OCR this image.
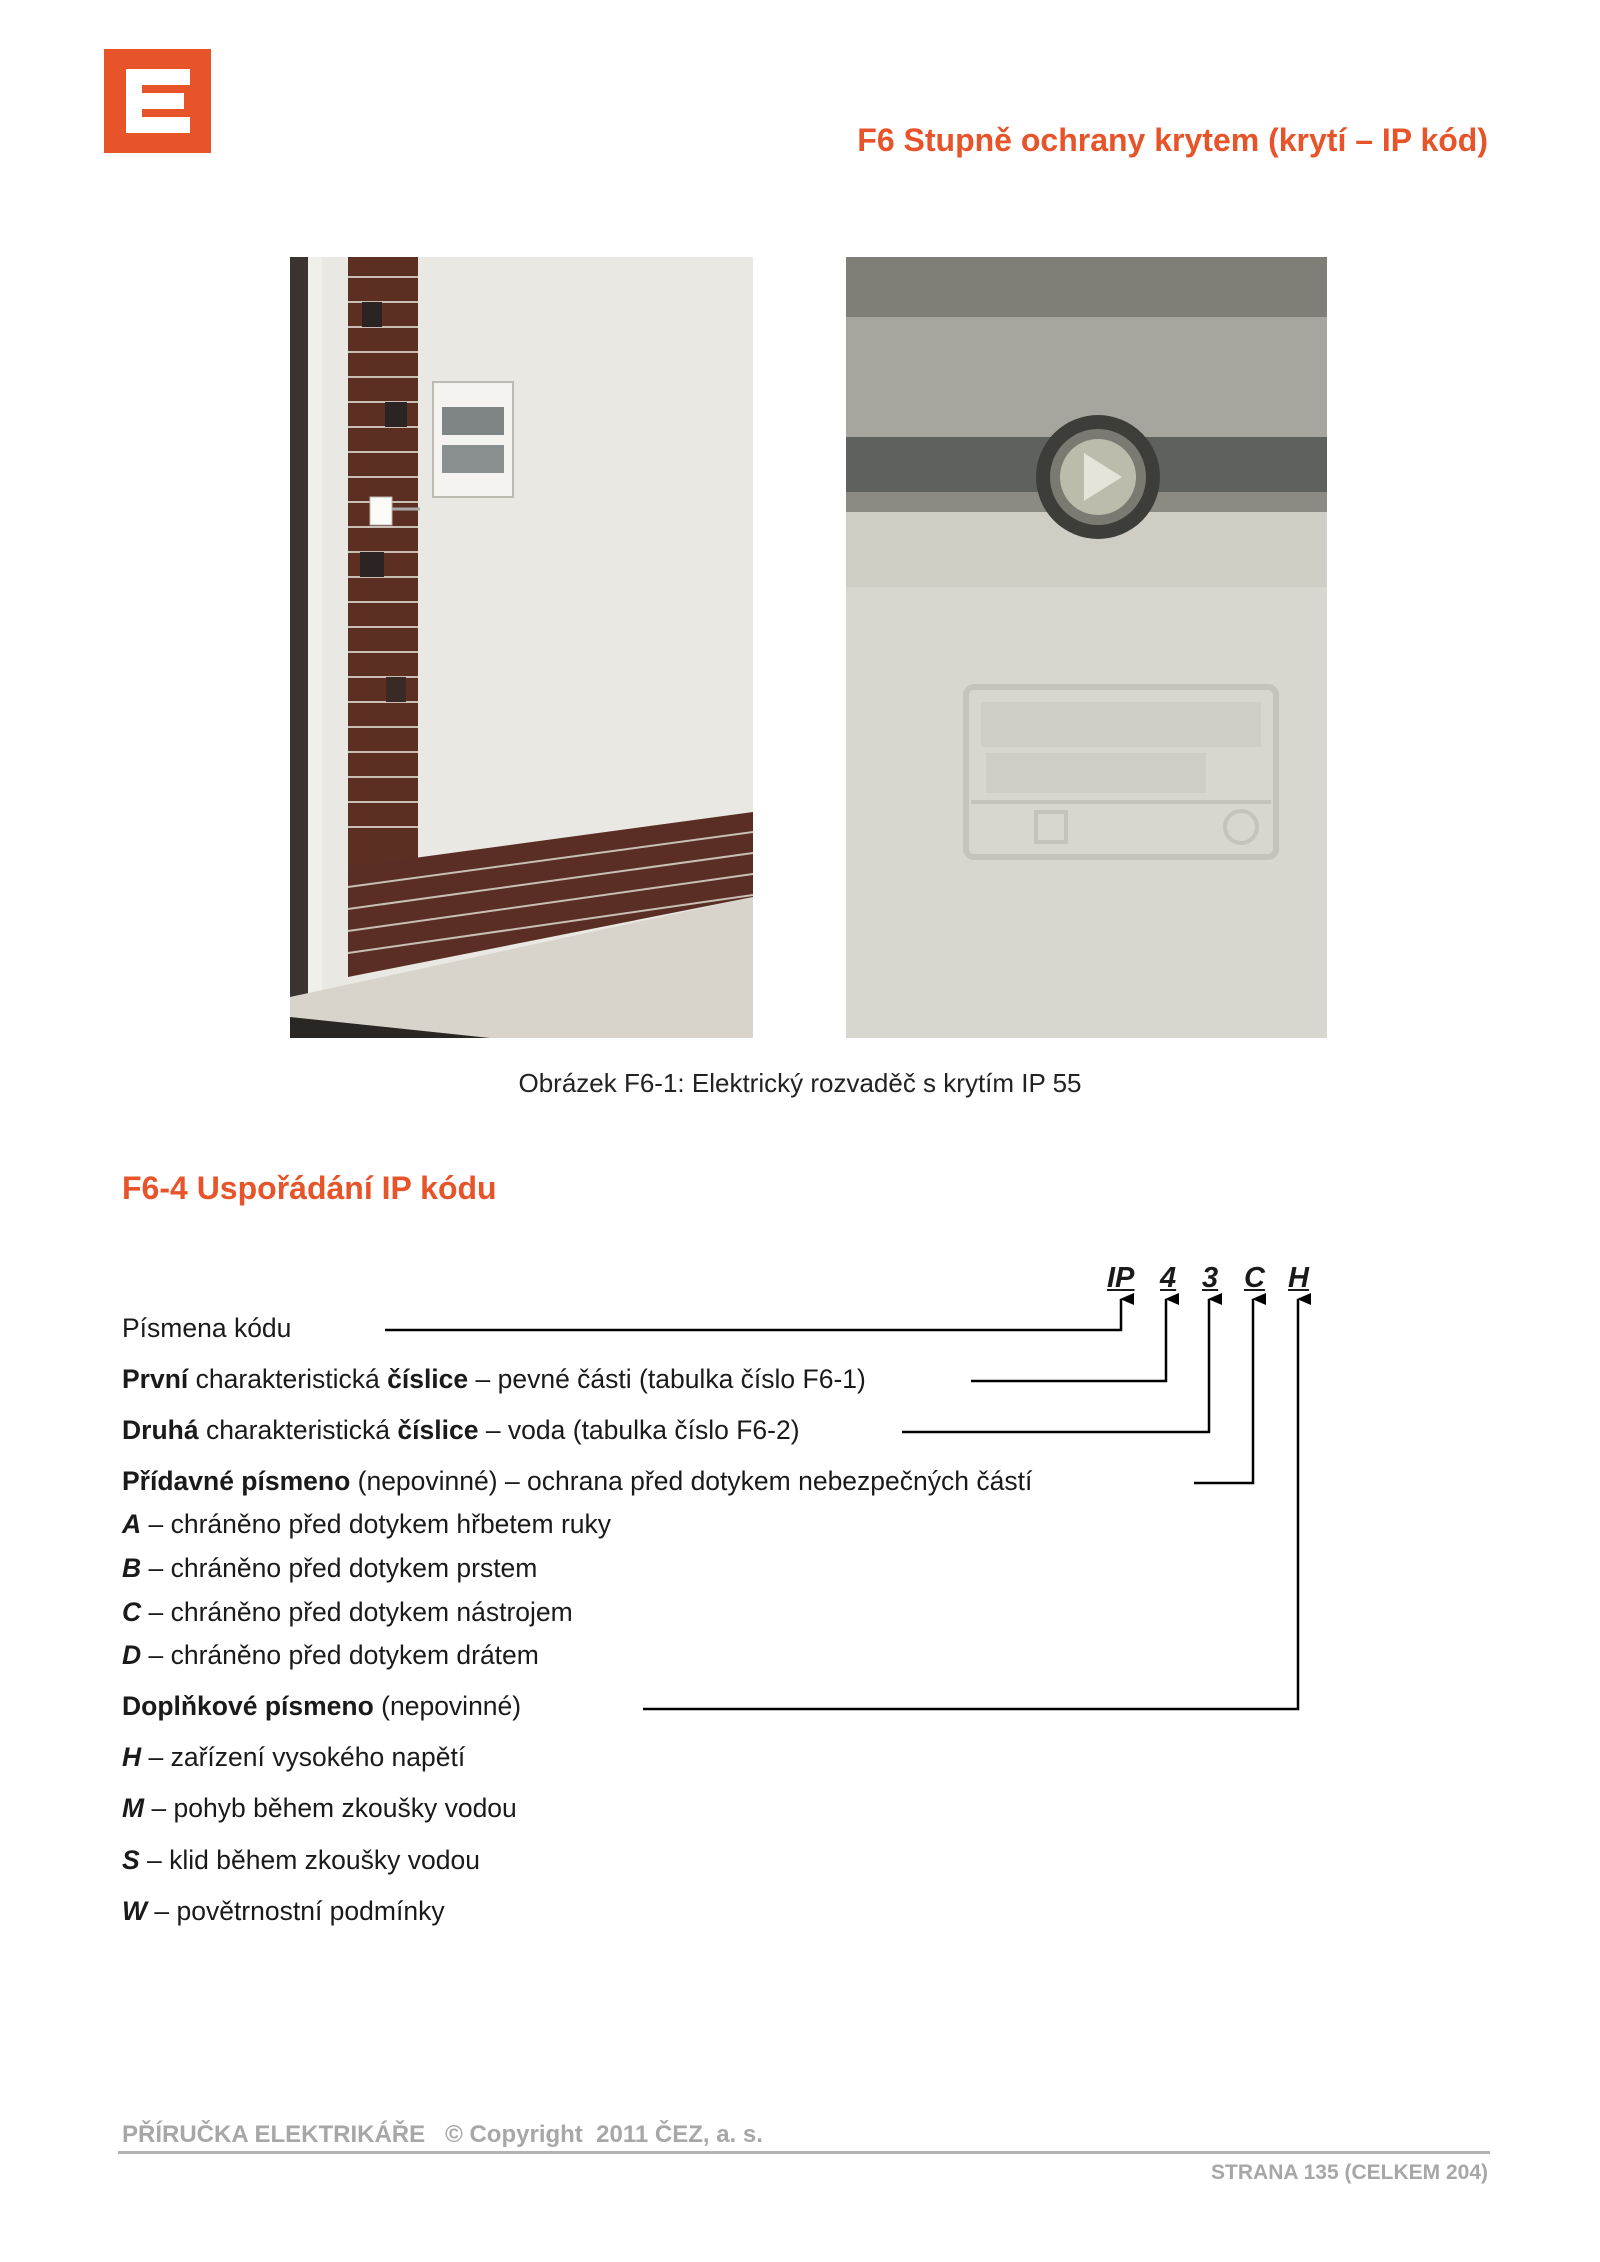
F6 Stupně ochrany krytem (krytí – IP kód)
Obrázek F6-1: Elektrický rozvaděč s krytím IP 55
F6-4 Uspořádání IP kódu
IP 4 3 C H
Písmena kódu
První charakteristická číslice – pevné části (tabulka číslo F6-1)
Druhá charakteristická číslice – voda (tabulka číslo F6-2)
Přídavné písmeno (nepovinné) – ochrana před dotykem nebezpečných částí
A – chráněno před dotykem hřbetem ruky
B – chráněno před dotykem prstem
C – chráněno před dotykem nástrojem
D – chráněno před dotykem drátem
Doplňkové písmeno (nepovinné)
H – zařízení vysokého napětí
M – pohyb během zkoušky vodou
S – klid během zkoušky vodou
W – povětrnostní podmínky
PŘÍRUČKA ELEKTRIKÁŘE   © Copyright  2011 ČEZ, a. s.
STRANA 135 (CELKEM 204)
